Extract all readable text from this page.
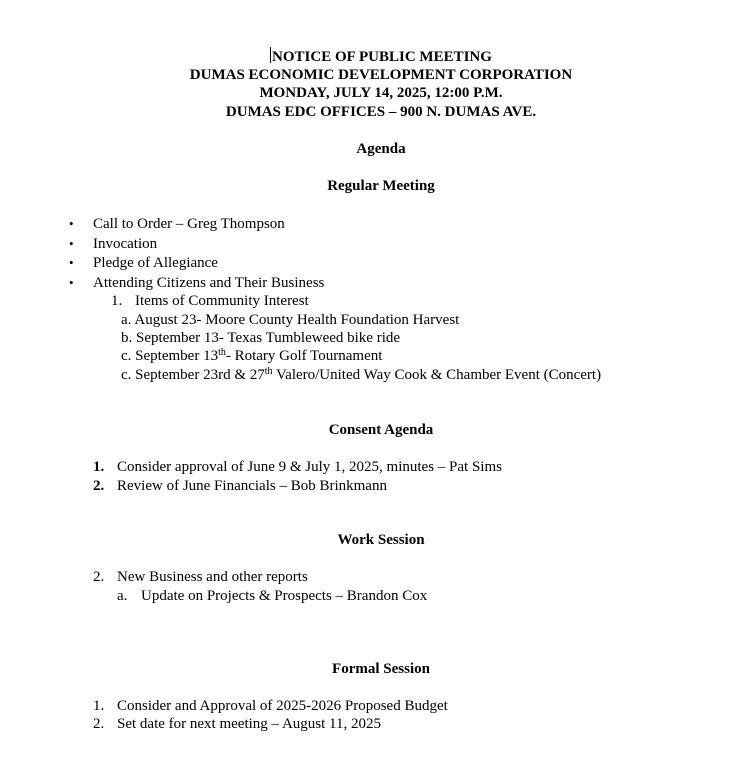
NOTICE OF PUBLIC MEETING
DUMAS ECONOMIC DEVELOPMENT CORPORATION
MONDAY, JULY 14, 2025, 12:00 P.M.
DUMAS EDC OFFICES – 900 N. DUMAS AVE.
Agenda
Regular Meeting
• Call to Order – Greg Thompson
• Invocation
• Pledge of Allegiance
• Attending Citizens and Their Business
1. Items of Community Interest
a. August 23- Moore County Health Foundation Harvest
b. September 13- Texas Tumbleweed bike ride
c. September 13th- Rotary Golf Tournament
c. September 23rd & 27th Valero/United Way Cook & Chamber Event (Concert)
Consent Agenda
1. Consider approval of June 9 & July 1, 2025, minutes – Pat Sims
2. Review of June Financials – Bob Brinkmann
Work Session
2. New Business and other reports
a. Update on Projects & Prospects – Brandon Cox
Formal Session
1. Consider and Approval of 2025-2026 Proposed Budget
2. Set date for next meeting – August 11, 2025
